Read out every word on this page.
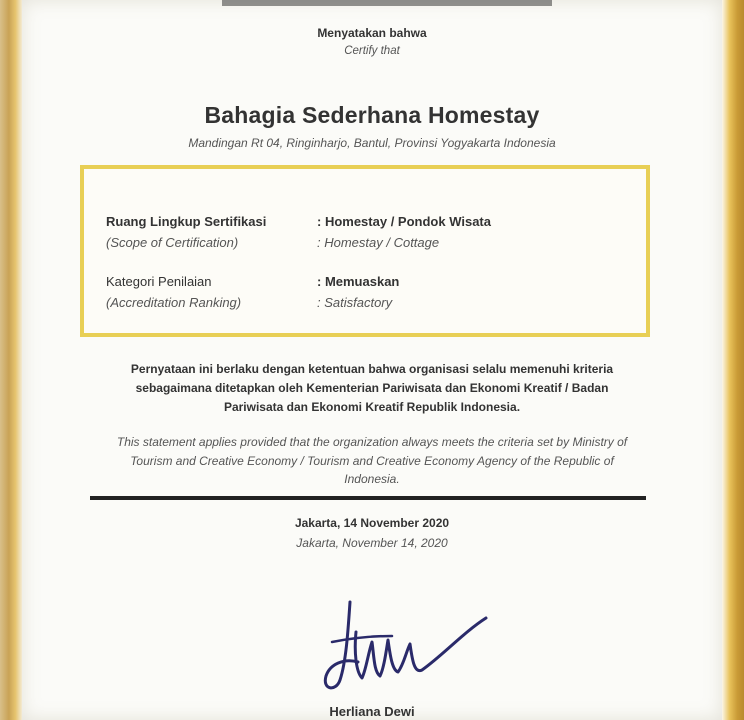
Menyatakan bahwa
Certify that
Bahagia Sederhana Homestay
Mandingan Rt 04, Ringinharjo, Bantul, Provinsi Yogyakarta Indonesia
Ruang Lingkup Sertifikasi
(Scope of Certification)
: Homestay / Pondok Wisata
: Homestay / Cottage
Kategori Penilaian
(Accreditation Ranking)
: Memuaskan
: Satisfactory
Pernyataan ini berlaku dengan ketentuan bahwa organisasi selalu memenuhi kriteria sebagaimana ditetapkan oleh Kementerian Pariwisata dan Ekonomi Kreatif / Badan Pariwisata dan Ekonomi Kreatif Republik Indonesia.
This statement applies provided that the organization always meets the criteria set by Ministry of Tourism and Creative Economy / Tourism and Creative Economy Agency of the Republic of Indonesia.
Jakarta, 14 November 2020
Jakarta, November 14, 2020
Herliana Dewi
